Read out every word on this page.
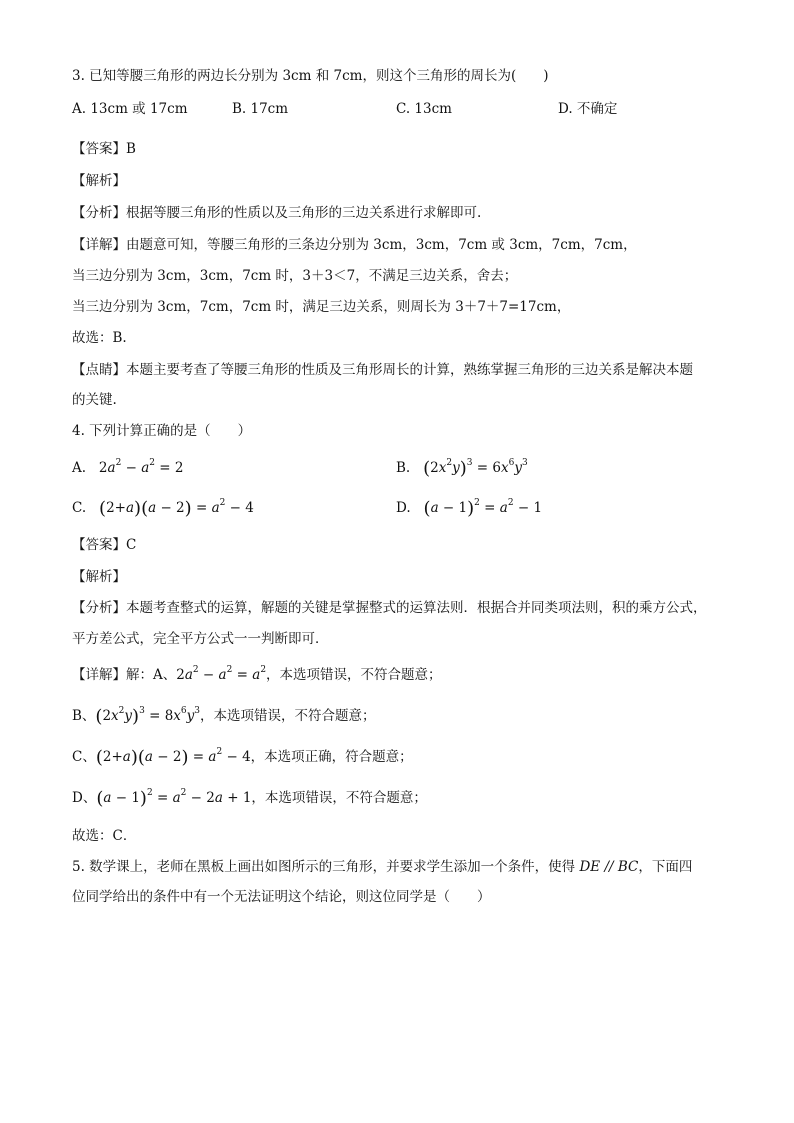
3. 已知等腰三角形的两边长分别为 3cm 和 7cm，则这个三角形的周长为(　　)
A. 13cm 或 17cm	B. 17cm	C. 13cm	D. 不确定
【答案】B
【解析】
【分析】根据等腰三角形的性质以及三角形的三边关系进行求解即可.
【详解】由题意可知，等腰三角形的三条边分别为 3cm，3cm，7cm 或 3cm，7cm，7cm，
当三边分别为 3cm，3cm，7cm 时，3＋3＜7，不满足三边关系，舍去；
当三边分别为 3cm，7cm，7cm 时，满足三边关系，则周长为 3＋7＋7=17cm，
故选：B.
【点睛】本题主要考查了等腰三角形的性质及三角形周长的计算，熟练掌握三角形的三边关系是解决本题
的关键.
4. 下列计算正确的是（　　）
A.   $2a^2 - a^2 = 2$	B. $(2x^2y)^3 = 6x^6y^3$
C. $(2+a)(a - 2) = a^2 - 4$	D. $(a - 1)^2 = a^2 - 1$
【答案】C
【解析】
【分析】本题考查整式的运算，解题的关键是掌握整式的运算法则．根据合并同类项法则，积的乘方公式，
平方差公式，完全平方公式一一判断即可．
【详解】解：A、$2a^2 - a^2 = a^2$，本选项错误，不符合题意；
B、$(2x^2y)^3 = 8x^6y^3$，本选项错误，不符合题意；
C、$(2+a)(a - 2) = a^2 - 4$，本选项正确，符合题意；
D、$(a - 1)^2 = a^2 - 2a + 1$，本选项错误，不符合题意；
故选：C．
5. 数学课上，老师在黑板上画出如图所示的三角形，并要求学生添加一个条件，使得 DE // BC，下面四
位同学给出的条件中有一个无法证明这个结论，则这位同学是（　　）
